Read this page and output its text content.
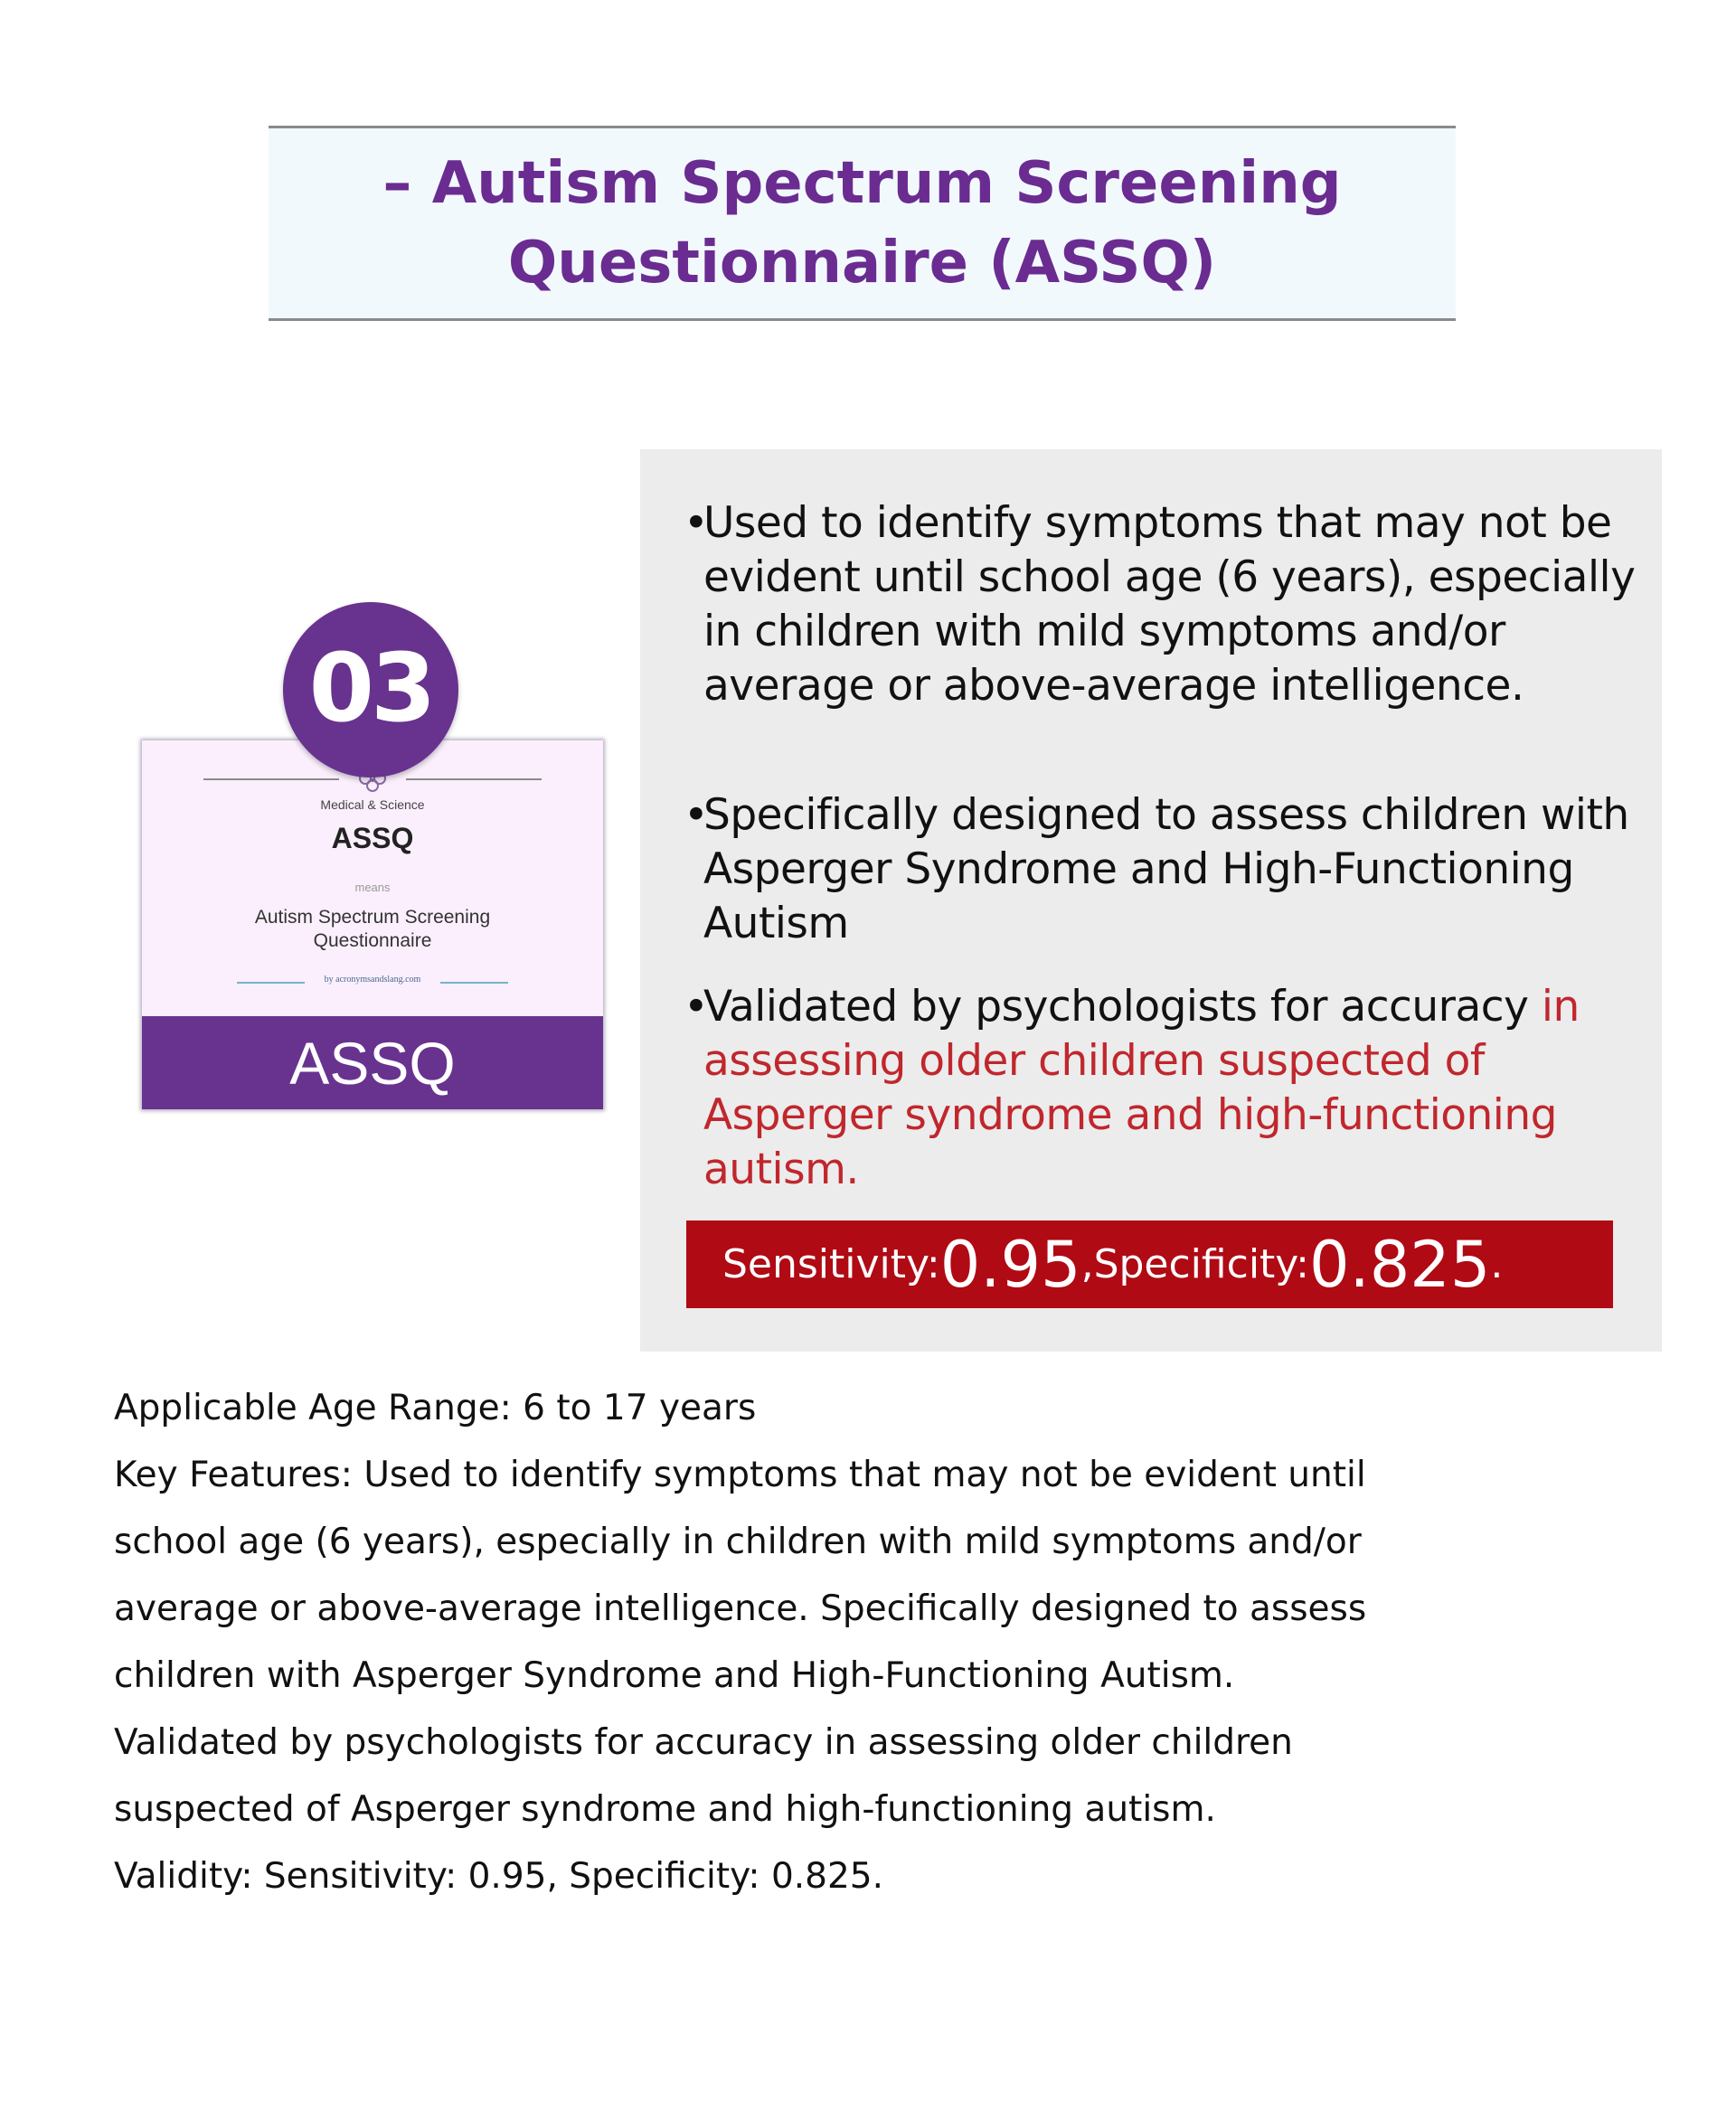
– Autism Spectrum Screening
Questionnaire (ASSQ)
Medical & Science
ASSQ
means
Autism Spectrum Screening
Questionnaire
by acronymsandslang.com
ASSQ
03
•
Used to identify symptoms that may not be evident until school age (6 years), especially in children with mild symptoms and/or average or above-average intelligence.
•
Specifically designed to assess children with Asperger Syndrome and High-Functioning Autism
•
Validated by psychologists for accuracy in assessing older children suspected of Asperger syndrome and high-functioning autism.
Sensitivity: 0.95 , Specificity: 0.825 .
Applicable Age Range: 6 to 17 years
Key Features: Used to identify symptoms that may not be evident until
school age (6 years), especially in children with mild symptoms and/or
average or above-average intelligence. Specifically designed to assess
children with Asperger Syndrome and High-Functioning Autism.
Validated by psychologists for accuracy in assessing older children
suspected of Asperger syndrome and high-functioning autism.
Validity: Sensitivity: 0.95, Specificity: 0.825.
